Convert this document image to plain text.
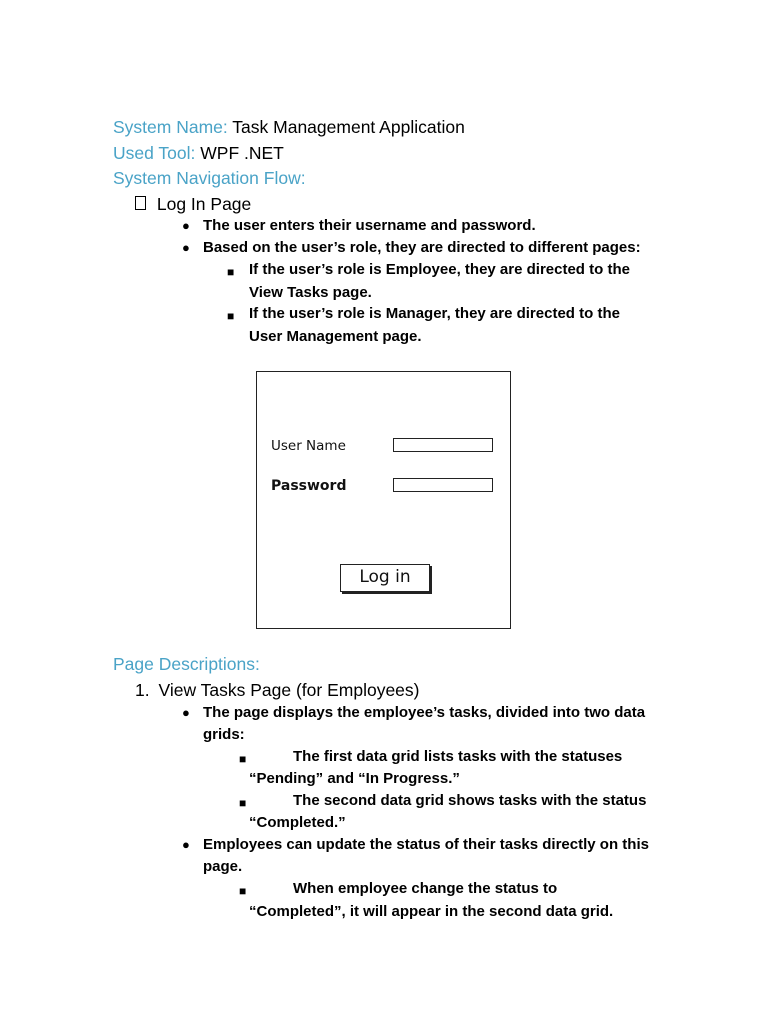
System Name: Task Management Application
Used Tool: WPF .NET
System Navigation Flow:
Log In Page
● The user enters their username and password.
● Based on the user’s role, they are directed to different pages:
■ If the user’s role is Employee, they are directed to the
View Tasks page.
■ If the user’s role is Manager, they are directed to the
User Management page.
User Name
Password
Log in
Page Descriptions:
1. View Tasks Page (for Employees)
● The page displays the employee’s tasks, divided into two data
grids:
■	The first data grid lists tasks with the statuses
“Pending” and “In Progress.”
■	The second data grid shows tasks with the status
“Completed.”
● Employees can update the status of their tasks directly on this
page.
■	When employee change the status to
“Completed”, it will appear in the second data grid.
